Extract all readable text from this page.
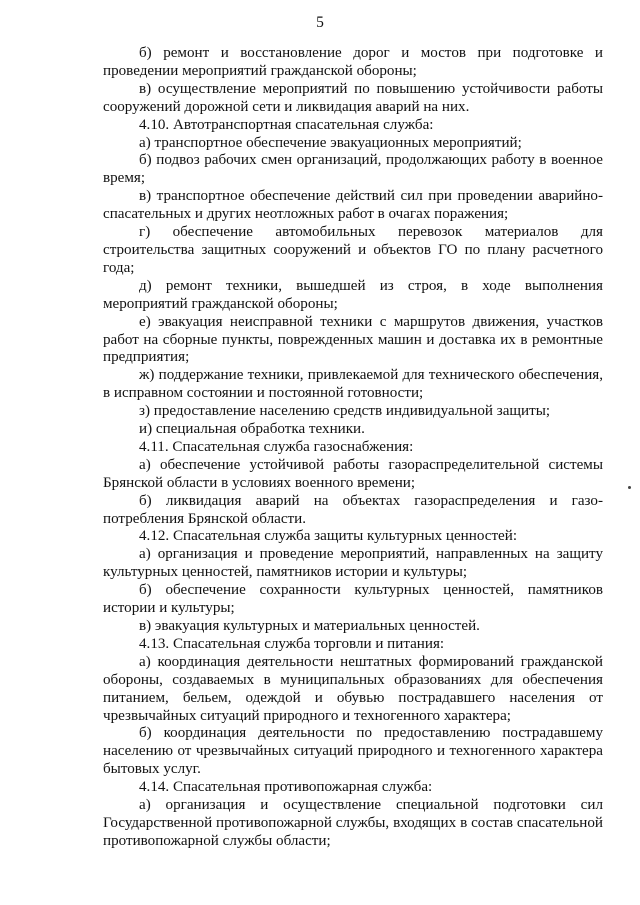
5

б) ремонт и восстановление дорог и мостов при подготовке и проведении мероприятий гражданской обороны;

в) осуществление мероприятий по повышению устойчивости работы сооружений дорожной сети и ликвидация аварий на них.

4.10. Автотранспортная спасательная служба:

а) транспортное обеспечение эвакуационных мероприятий;

б) подвоз рабочих смен организаций, продолжающих работу в военное время;

в) транспортное обеспечение действий сил при проведении аварийно-спасательных и других неотложных работ в очагах поражения;

г) обеспечение автомобильных перевозок материалов для строительства защитных сооружений и объектов ГО по плану расчетного года;

д) ремонт техники, вышедшей из строя, в ходе выполнения мероприятий гражданской обороны;

е) эвакуация неисправной техники с маршрутов движения, участков работ на сборные пункты, поврежденных машин и доставка их в ремонтные предприятия;

ж) поддержание техники, привлекаемой для технического обеспечения, в исправном состоянии и постоянной готовности;

з) предоставление населению средств индивидуальной защиты;

и) специальная обработка техники.

4.11. Спасательная служба газоснабжения:

а) обеспечение устойчивой работы газораспределительной системы Брянской области в условиях военного времени;

б) ликвидация аварий на объектах газораспределения и газо-потребления Брянской области.

4.12. Спасательная служба защиты культурных ценностей:

а) организация и проведение мероприятий, направленных на защиту культурных ценностей, памятников истории и культуры;

б) обеспечение сохранности культурных ценностей, памятников истории и культуры;

в) эвакуация культурных и материальных ценностей.

4.13. Спасательная служба торговли и питания:

а) координация деятельности нештатных формирований гражданской обороны, создаваемых в муниципальных образованиях для обеспечения питанием, бельем, одеждой и обувью пострадавшего населения от чрезвычайных ситуаций природного и техногенного характера;

б) координация деятельности по предоставлению пострадавшему населению от чрезвычайных ситуаций природного и техногенного характера бытовых услуг.

4.14. Спасательная противопожарная служба:

а) организация и осуществление специальной подготовки сил Государственной противопожарной службы, входящих в состав спасательной противопожарной службы области;
